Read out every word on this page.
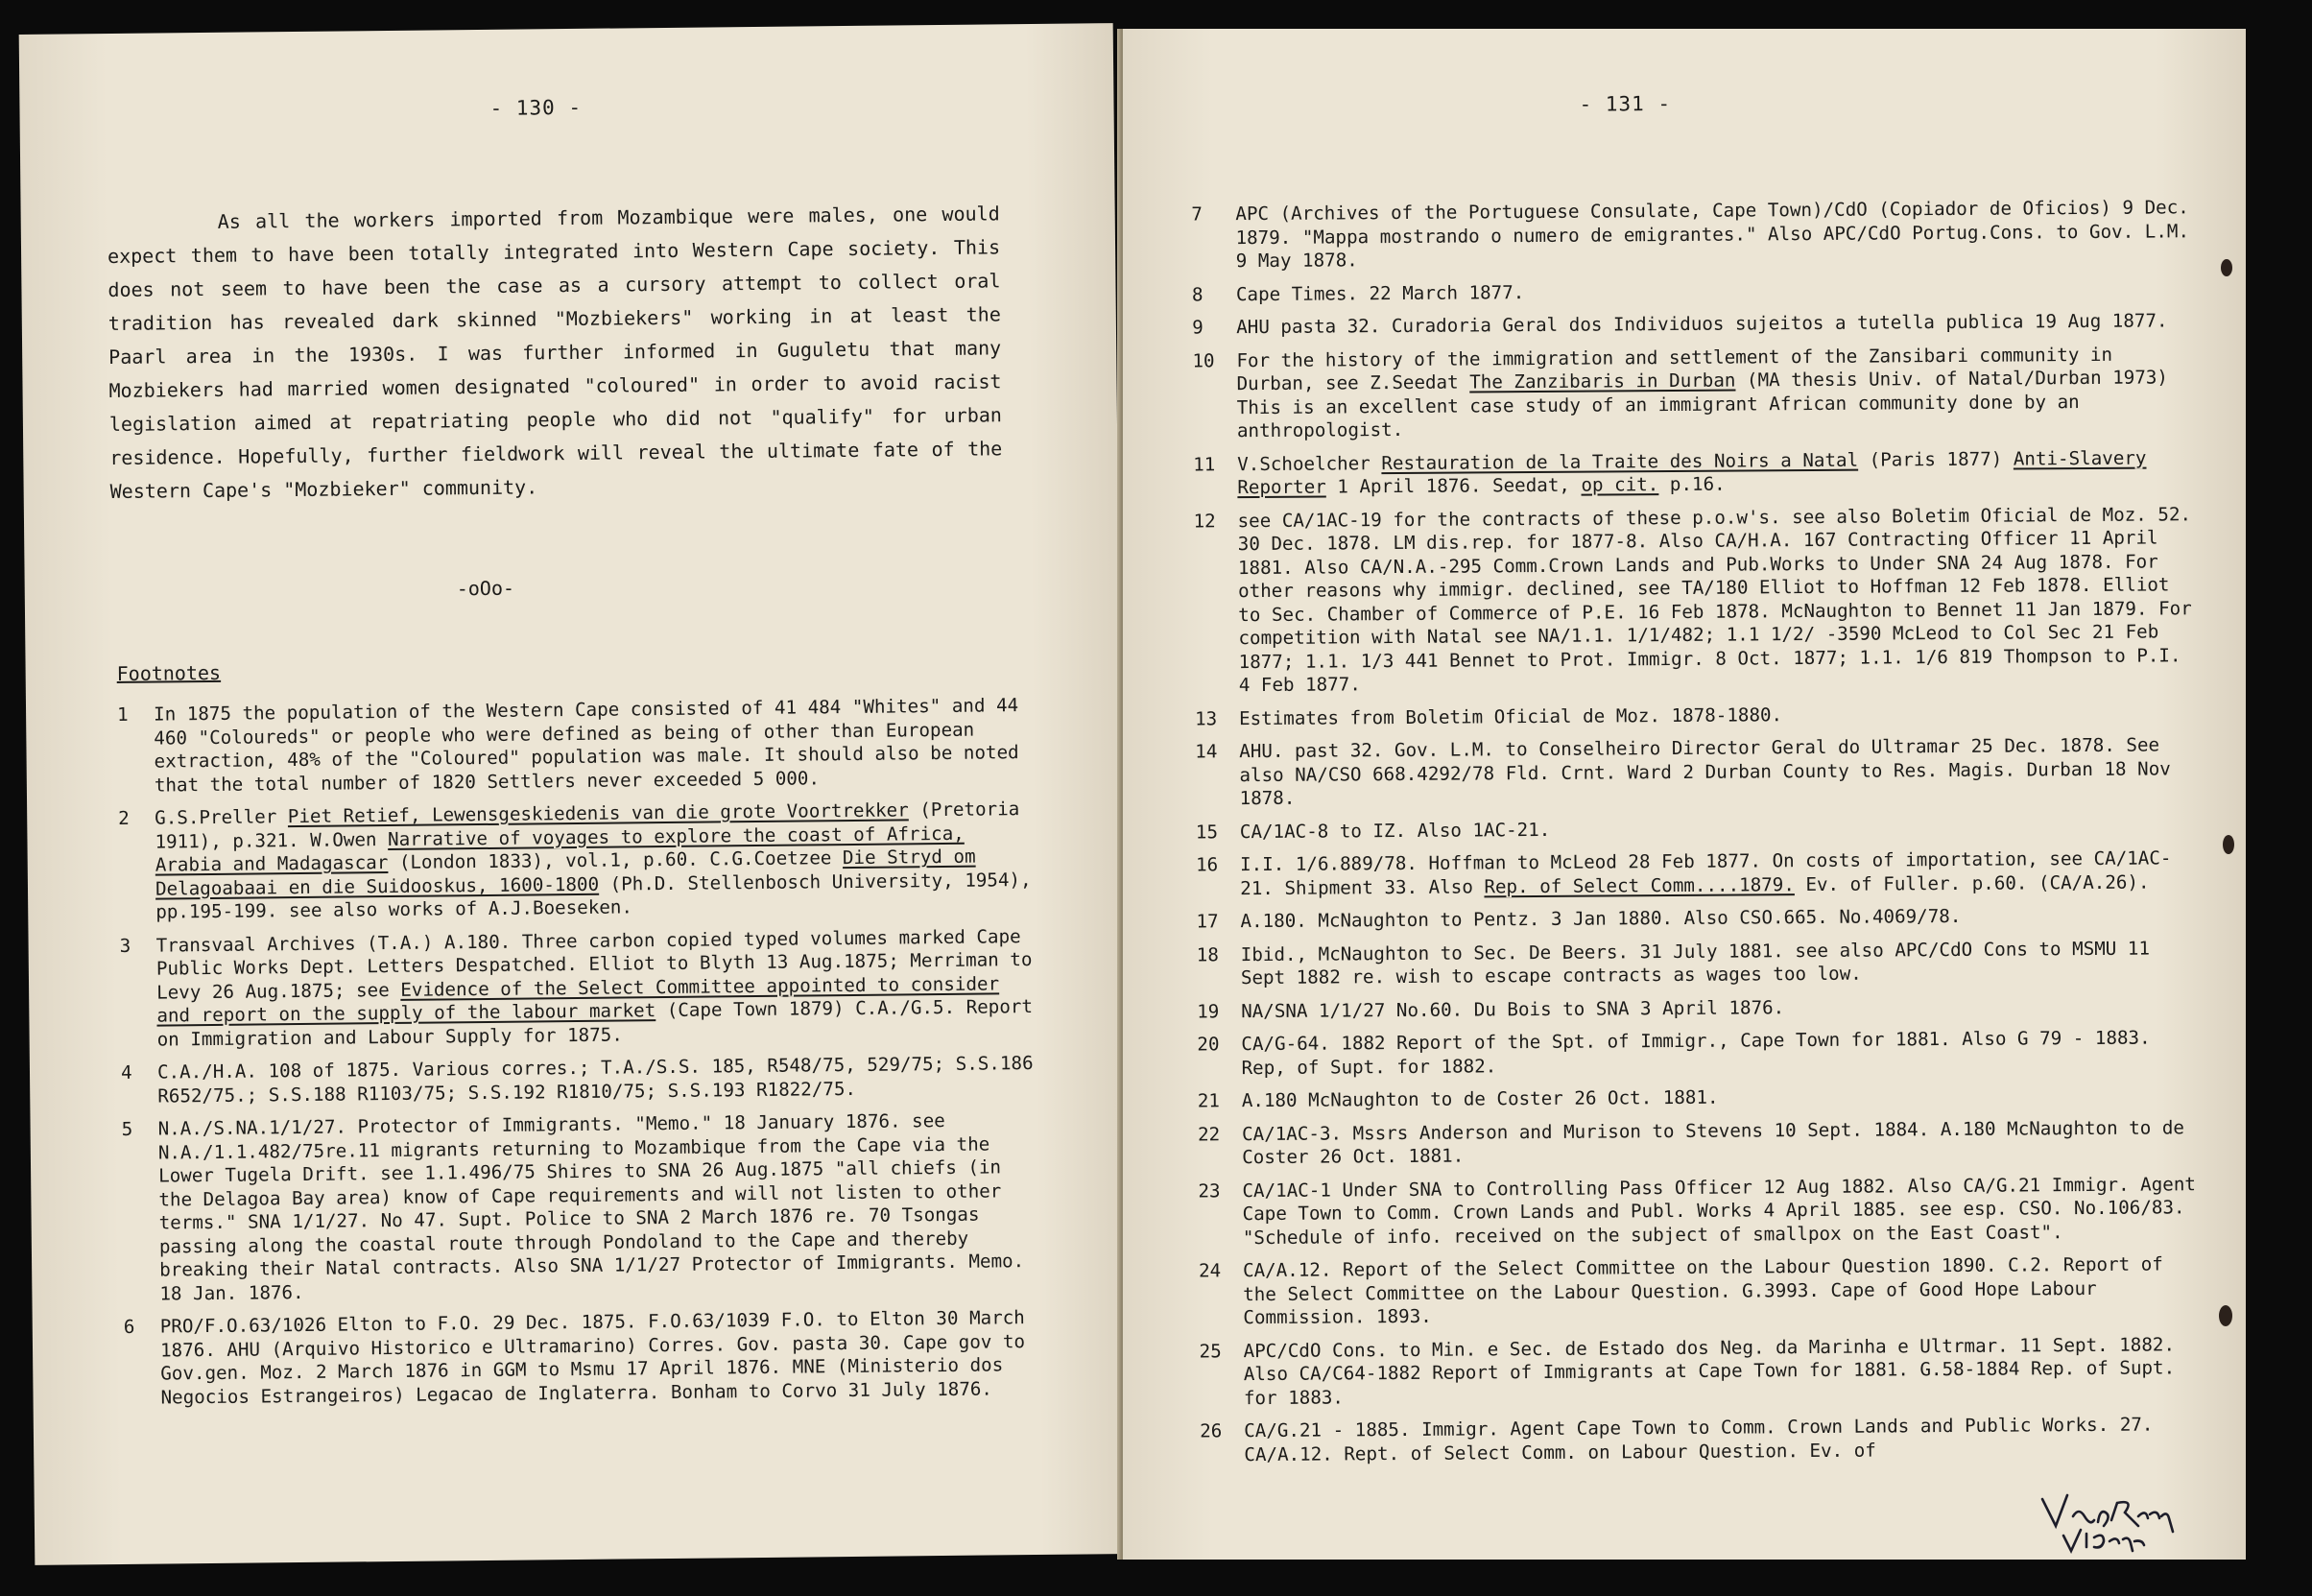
- 130 -

As all the workers imported from Mozambique were males, one would expect them to have been totally integrated into Western Cape society. This does not seem to have been the case as a cursory attempt to collect oral tradition has revealed dark skinned "Mozbiekers" working in at least the Paarl area in the 1930s. I was further informed in Guguletu that many Mozbiekers had married women designated "coloured" in order to avoid racist legislation aimed at repatriating people who did not "qualify" for urban residence. Hopefully, further fieldwork will reveal the ultimate fate of the Western Cape's "Mozbieker" community.

-oOo-
Footnotes
1	In 1875 the population of the Western Cape consisted of 41 484 "Whites" and 44 460 "Coloureds" or people who were defined as being of other than European extraction, 48% of the "Coloured" population was male. It should also be noted that the total number of 1820 Settlers never exceeded 5 000.
2	G.S.Preller Piet Retief, Lewensgeskiedenis van die grote Voortrekker (Pretoria 1911), p.321. W.Owen Narrative of voyages to explore the coast of Africa, Arabia and Madagascar (London 1833), vol.1, p.60. C.G.Coetzee Die Stryd om Delagoabaai en die Suidooskus, 1600-1800 (Ph.D. Stellenbosch University, 1954), pp.195-199. see also works of A.J.Boeseken.
3	Transvaal Archives (T.A.) A.180. Three carbon copied typed volumes marked Cape Public Works Dept. Letters Despatched. Elliot to Blyth 13 Aug.1875; Merriman to Levy 26 Aug.1875; see Evidence of the Select Committee appointed to consider and report on the supply of the labour market (Cape Town 1879) C.A./G.5. Report on Immigration and Labour Supply for 1875.
4	C.A./H.A. 108 of 1875. Various corres.; T.A./S.S. 185, R548/75, 529/75; S.S.186 R652/75.; S.S.188 R1103/75; S.S.192 R1810/75; S.S.193 R1822/75.
5	N.A./S.NA.1/1/27. Protector of Immigrants. "Memo." 18 January 1876. see N.A./1.1.482/75re.11 migrants returning to Mozambique from the Cape via the Lower Tugela Drift. see 1.1.496/75 Shires to SNA 26 Aug.1875 "all chiefs (in the Delagoa Bay area) know of Cape requirements and will not listen to other terms." SNA 1/1/27. No 47. Supt. Police to SNA 2 March 1876 re. 70 Tsongas passing along the coastal route through Pondoland to the Cape and thereby breaking their Natal contracts. Also SNA 1/1/27 Protector of Immigrants. Memo. 18 Jan. 1876.
6	PRO/F.O.63/1026 Elton to F.O. 29 Dec. 1875. F.O.63/1039 F.O. to Elton 30 March 1876. AHU (Arquivo Historico e Ultramarino) Corres. Gov. pasta 30. Cape gov to Gov.gen. Moz. 2 March 1876 in GGM to Msmu 17 April 1876. MNE (Ministerio dos Negocios Estrangeiros) Legacao de Inglaterra. Bonham to Corvo 31 July 1876.
- 131 -
7	APC (Archives of the Portuguese Consulate, Cape Town)/CdO (Copiador de Oficios) 9 Dec. 1879. "Mappa mostrando o numero de emigrantes." Also APC/CdO Portug.Cons. to Gov. L.M. 9 May 1878.
8	Cape Times. 22 March 1877.
9	AHU pasta 32. Curadoria Geral dos Individuos sujeitos a tutella publica 19 Aug 1877.
10	For the history of the immigration and settlement of the Zansibari community in Durban, see Z.Seedat The Zanzibaris in Durban (MA thesis Univ. of Natal/Durban 1973) This is an excellent case study of an immigrant African community done by an anthropologist.
11	V.Schoelcher Restauration de la Traite des Noirs a Natal (Paris 1877) Anti-Slavery Reporter 1 April 1876. Seedat, op cit. p.16.
12	see CA/1AC-19 for the contracts of these p.o.w's. see also Boletim Oficial de Moz. 52. 30 Dec. 1878. LM dis.rep. for 1877-8. Also CA/H.A. 167 Contracting Officer 11 April 1881. Also CA/N.A.-295 Comm.Crown Lands and Pub.Works to Under SNA 24 Aug 1878. For other reasons why immigr. declined, see TA/180 Elliot to Hoffman 12 Feb 1878. Elliot to Sec. Chamber of Commerce of P.E. 16 Feb 1878. McNaughton to Bennet 11 Jan 1879. For competition with Natal see NA/1.1. 1/1/482; 1.1 1/2/ -3590 McLeod to Col Sec 21 Feb 1877; 1.1. 1/3 441 Bennet to Prot. Immigr. 8 Oct. 1877; 1.1. 1/6 819 Thompson to P.I. 4 Feb 1877.
13	Estimates from Boletim Oficial de Moz. 1878-1880.
14	AHU. past 32. Gov. L.M. to Conselheiro Director Geral do Ultramar 25 Dec. 1878. See also NA/CSO 668.4292/78 Fld. Crnt. Ward 2 Durban County to Res. Magis. Durban 18 Nov 1878.
15	CA/1AC-8 to IZ. Also 1AC-21.
16	I.I. 1/6.889/78. Hoffman to McLeod 28 Feb 1877. On costs of importation, see CA/1AC-21. Shipment 33. Also Rep. of Select Comm....1879. Ev. of Fuller. p.60. (CA/A.26).
17	A.180. McNaughton to Pentz. 3 Jan 1880. Also CSO.665. No.4069/78.
18	Ibid., McNaughton to Sec. De Beers. 31 July 1881. see also APC/CdO Cons to MSMU 11 Sept 1882 re. wish to escape contracts as wages too low.
19	NA/SNA 1/1/27 No.60. Du Bois to SNA 3 April 1876.
20	CA/G-64. 1882 Report of the Spt. of Immigr., Cape Town for 1881. Also G 79 - 1883. Rep, of Supt. for 1882.
21	A.180 McNaughton to de Coster 26 Oct. 1881.
22	CA/1AC-3. Mssrs Anderson and Murison to Stevens 10 Sept. 1884. A.180 McNaughton to de Coster 26 Oct. 1881.
23	CA/1AC-1 Under SNA to Controlling Pass Officer 12 Aug 1882. Also CA/G.21 Immigr. Agent Cape Town to Comm. Crown Lands and Publ. Works 4 April 1885. see esp. CSO. No.106/83. "Schedule of info. received on the subject of smallpox on the East Coast".
24	CA/A.12. Report of the Select Committee on the Labour Question 1890. C.2. Report of the Select Committee on the Labour Question. G.3993. Cape of Good Hope Labour Commission. 1893.
25	APC/CdO Cons. to Min. e Sec. de Estado dos Neg. da Marinha e Ultrmar. 11 Sept. 1882. Also CA/C64-1882 Report of Immigrants at Cape Town for 1881. G.58-1884 Rep. of Supt. for 1883.
26	CA/G.21 - 1885. Immigr. Agent Cape Town to Comm. Crown Lands and Public Works. 27. CA/A.12. Rept. of Select Comm. on Labour Question. Ev. of
